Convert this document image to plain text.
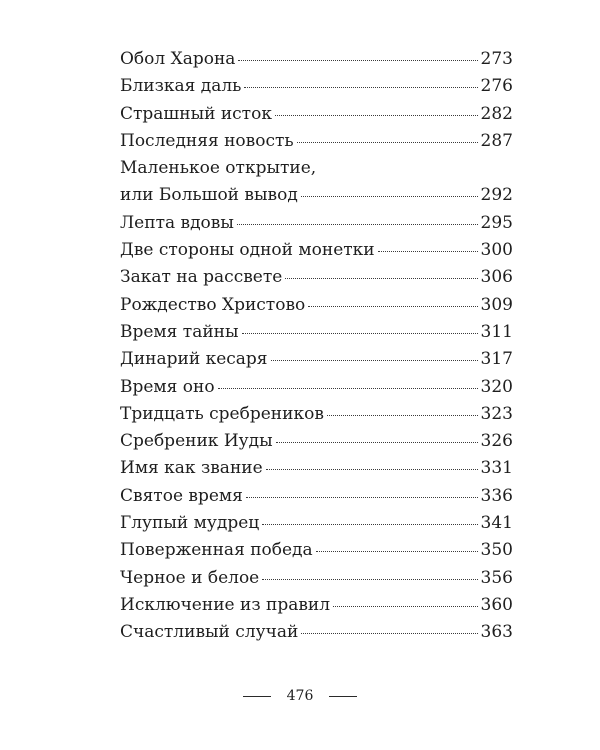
Обол Харона	273
Близкая даль	276
Страшный исток	282
Последняя новость	287
Маленькое открытие,
или Большой вывод	292
Лепта вдовы	295
Две стороны одной монетки	300
Закат на рассвете	306
Рождество Христово	309
Время тайны	311
Динарий кесаря	317
Время оно	320
Тридцать сребреников	323
Сребреник Иуды	326
Имя как звание	331
Святое время	336
Глупый мудрец	341
Поверженная победа	350
Черное и белое	356
Исключение из правил	360
Счастливый случай	363
476
